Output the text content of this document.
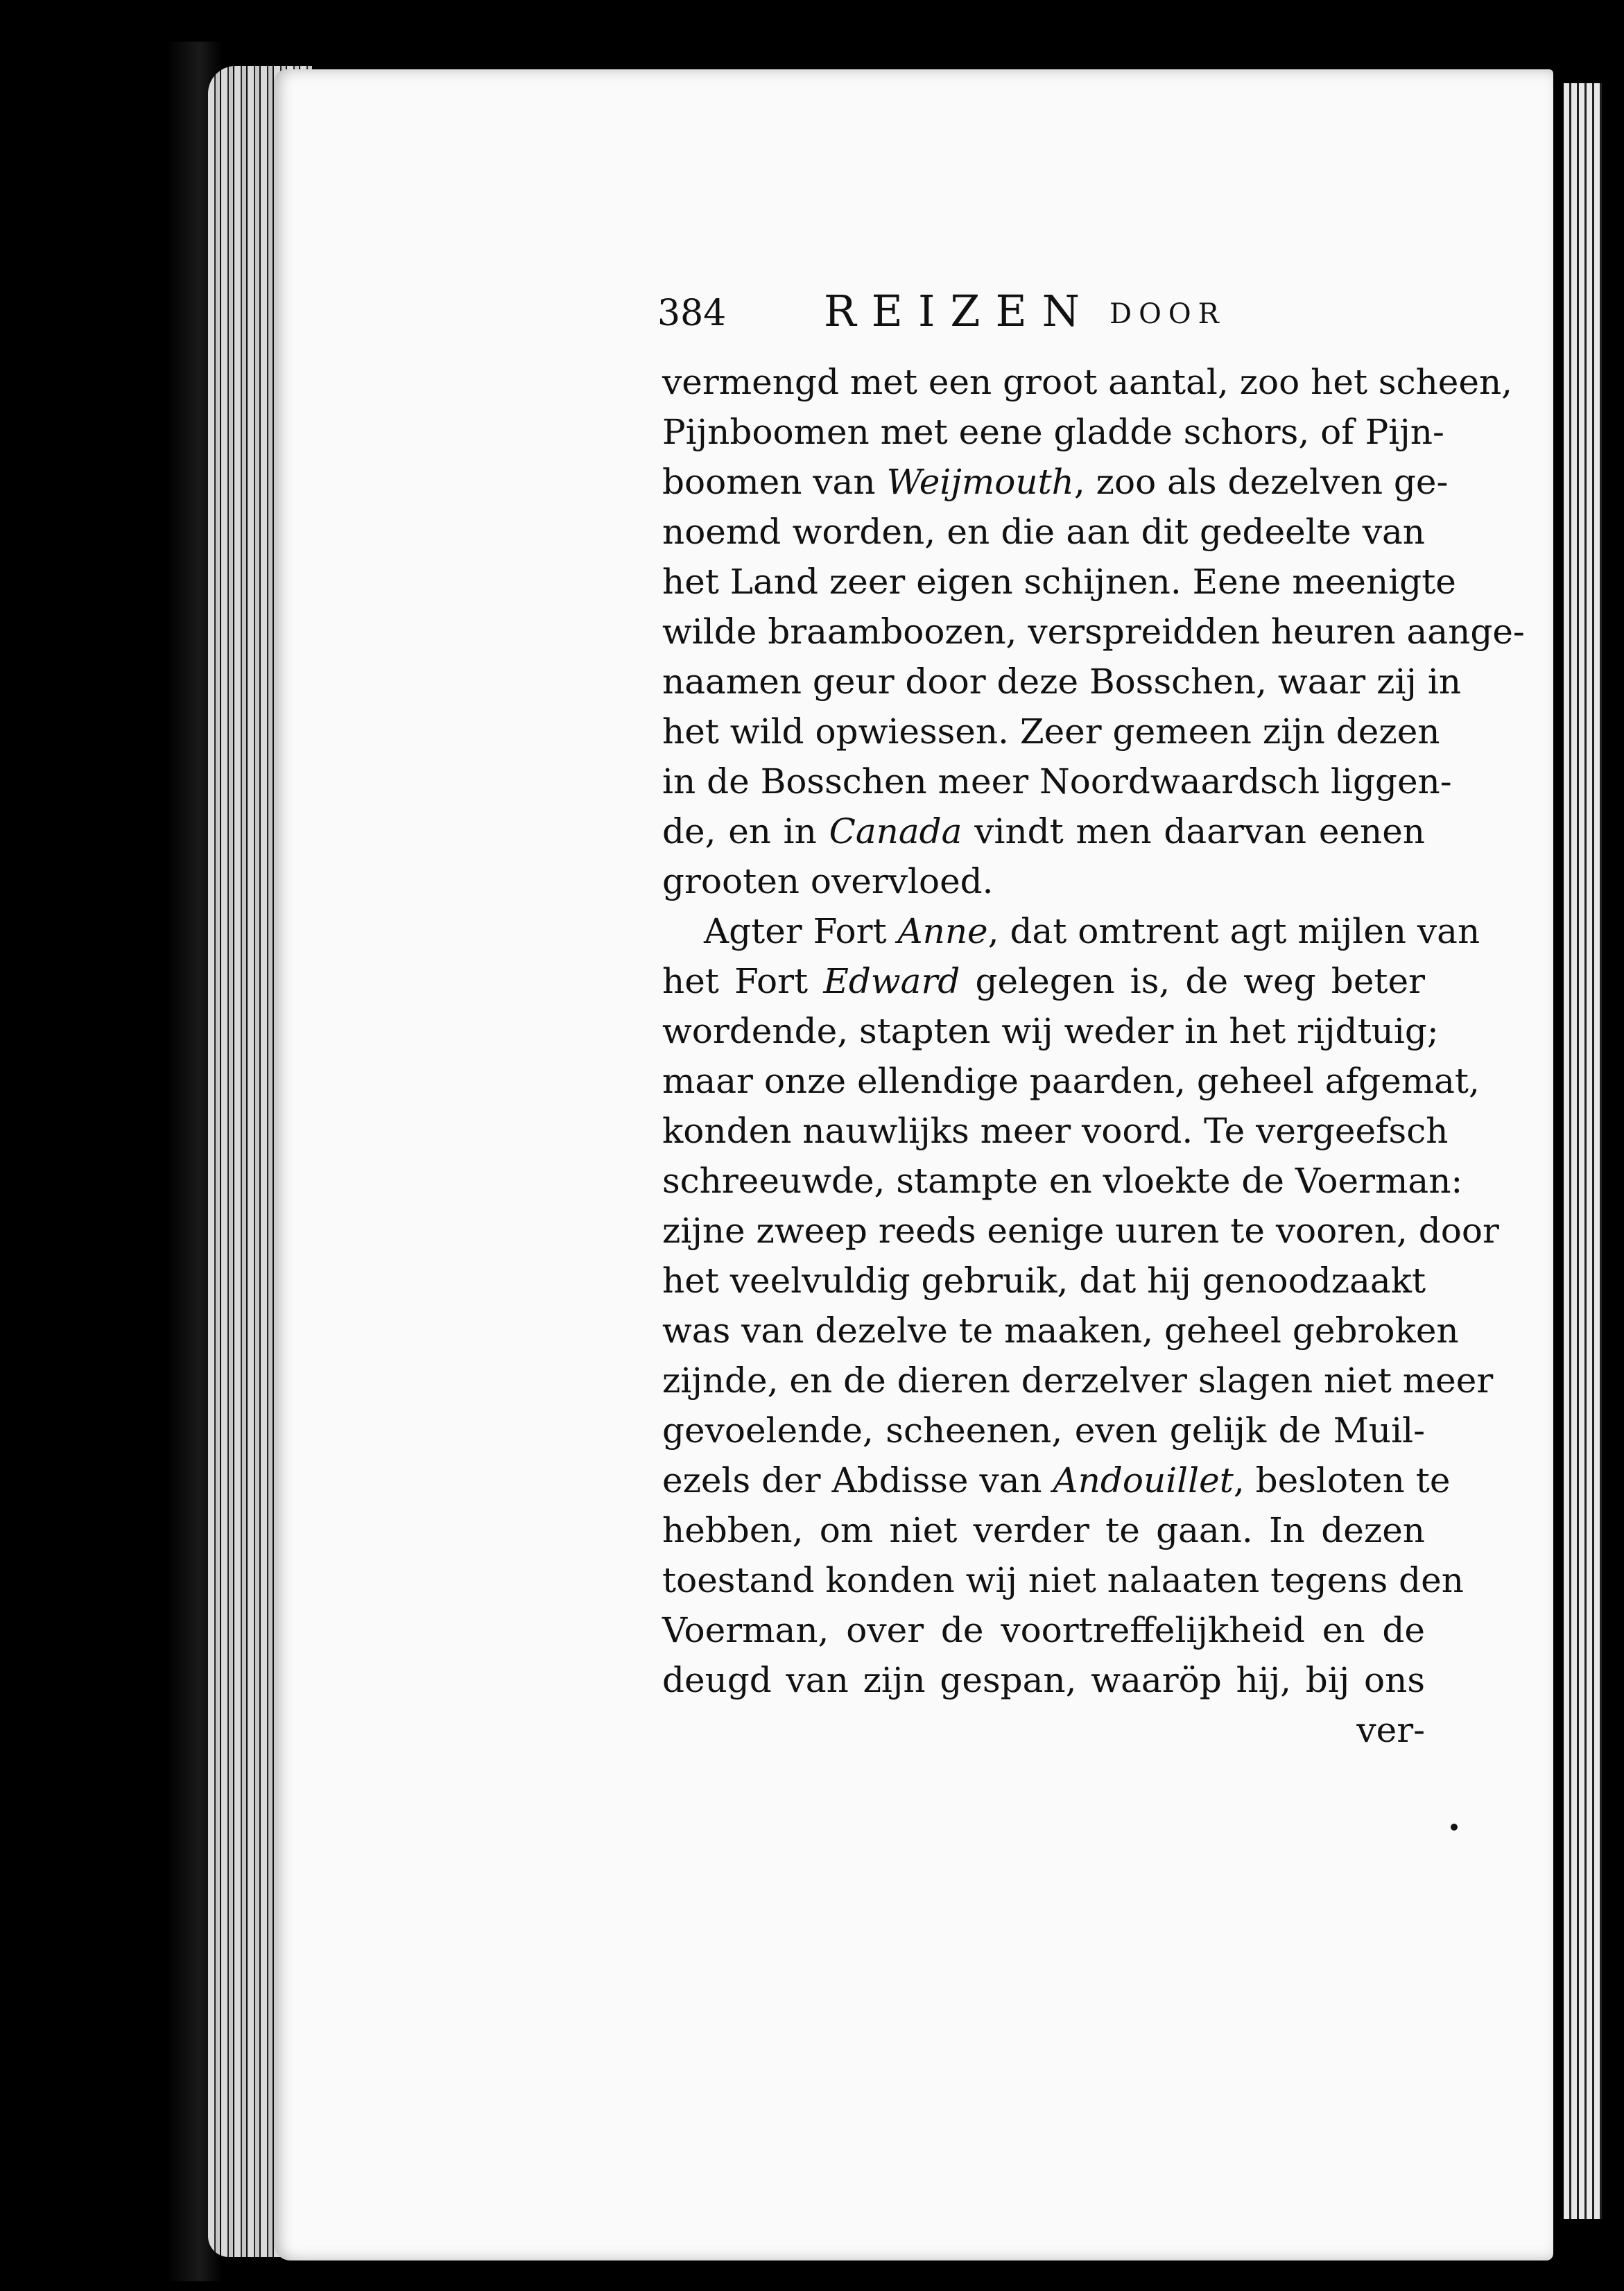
384 REIZEN DOOR
vermengd met een groot aantal, zoo het scheen,
Pijnboomen met eene gladde schors, of Pijn-
boomen van Weijmouth, zoo als dezelven ge-
noemd worden, en die aan dit gedeelte van
het Land zeer eigen schijnen. Eene meenigte
wilde braamboozen, verspreidden heuren aange-
naamen geur door deze Bosschen, waar zij in
het wild opwiessen. Zeer gemeen zijn dezen
in de Bosschen meer Noordwaardsch liggen-
de, en in Canada vindt men daarvan eenen
grooten overvloed.
Agter Fort Anne, dat omtrent agt mijlen van
het Fort Edward gelegen is, de weg beter
wordende, stapten wij weder in het rijdtuig;
maar onze ellendige paarden, geheel afgemat,
konden nauwlijks meer voord. Te vergeefsch
schreeuwde, stampte en vloekte de Voerman:
zijne zweep reeds eenige uuren te vooren, door
het veelvuldig gebruik, dat hij genoodzaakt
was van dezelve te maaken, geheel gebroken
zijnde, en de dieren derzelver slagen niet meer
gevoelende, scheenen, even gelijk de Muil-
ezels der Abdisse van Andouillet, besloten te
hebben, om niet verder te gaan. In dezen
toestand konden wij niet nalaaten tegens den
Voerman, over de voortreffelijkheid en de
deugd van zijn gespan, waaröp hij, bij ons
ver-
